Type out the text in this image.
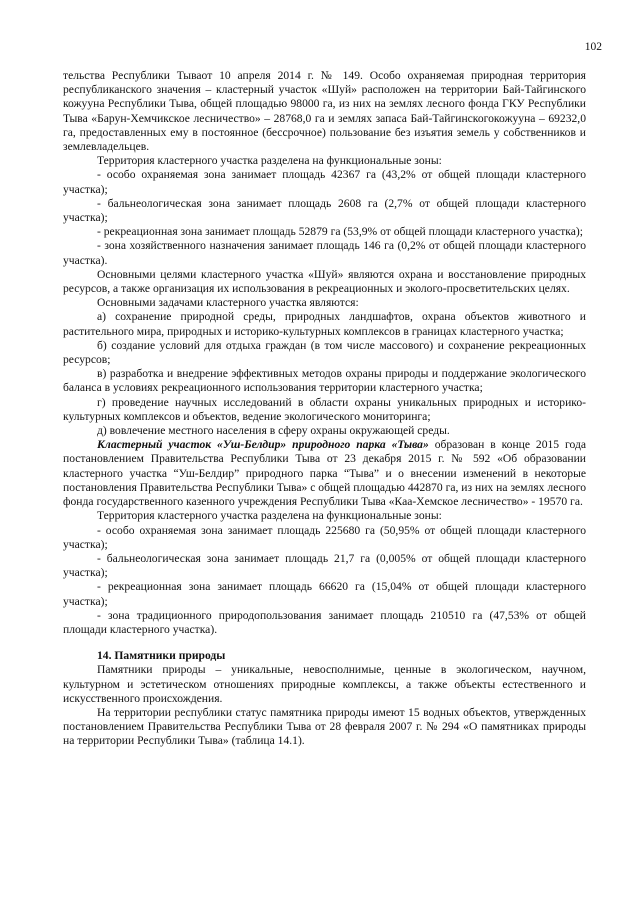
102

тельства Республики Тываот 10 апреля 2014 г. № 149. Особо охраняемая природная территория республиканского значения – кластерный участок «Шуй» расположен на территории Бай-Тайгинского кожууна Республики Тыва, общей площадью 98000 га, из них на землях лесного фонда ГКУ Республики Тыва «Барун-Хемчикское лесничество» – 28768,0 га и землях запаса Бай-Тайгинскогокожууна – 69232,0 га, предоставленных ему в постоянное (бессрочное) пользование без изъятия земель у собственников и землевладельцев.

Территория кластерного участка разделена на функциональные зоны:

- особо охраняемая зона занимает площадь 42367 га (43,2% от общей площади кластерного участка);

- бальнеологическая зона занимает площадь 2608 га (2,7% от общей площади кластерного участка);

- рекреационная зона занимает площадь 52879 га (53,9% от общей площади кластерного участка);

- зона хозяйственного назначения занимает площадь 146 га (0,2% от общей площади кластерного участка).

Основными целями кластерного участка «Шуй» являются охрана и восстановление природных ресурсов, а также организация их использования в рекреационных и эколого-просветительских целях.

Основными задачами кластерного участка являются:

а) сохранение природной среды, природных ландшафтов, охрана объектов животного и растительного мира, природных и историко-культурных комплексов в границах кластерного участка;

б) создание условий для отдыха граждан (в том числе массового) и сохранение рекреационных ресурсов;

в) разработка и внедрение эффективных методов охраны природы и поддержание экологического баланса в условиях рекреационного использования территории кластерного участка;

г) проведение научных исследований в области охраны уникальных природных и историко-культурных комплексов и объектов, ведение экологического мониторинга;

д) вовлечение местного населения в сферу охраны окружающей среды.

Кластерный участок «Уш-Белдир» природного парка «Тыва» образован в конце 2015 года постановлением Правительства Республики Тыва от 23 декабря 2015 г. № 592 «Об образовании кластерного участка “Уш-Белдир” природного парка “Тыва” и о внесении изменений в некоторые постановления Правительства Республики Тыва» с общей площадью 442870 га, из них на землях лесного фонда государственного казенного учреждения Республики Тыва «Каа-Хемское лесничество» - 19570 га.

Территория кластерного участка разделена на функциональные зоны:

- особо охраняемая зона занимает площадь 225680 га (50,95% от общей площади кластерного участка);

- бальнеологическая зона занимает площадь 21,7 га (0,005% от общей площади кластерного участка);

- рекреационная зона занимает площадь 66620 га (15,04% от общей площади кластерного участка);

- зона традиционного природопользования занимает площадь 210510 га (47,53% от общей площади кластерного участка).

14. Памятники природы

Памятники природы – уникальные, невосполнимые, ценные в экологическом, научном, культурном и эстетическом отношениях природные комплексы, а также объекты естественного и искусственного происхождения.

На территории республики статус памятника природы имеют 15 водных объектов, утвержденных постановлением Правительства Республики Тыва от 28 февраля 2007 г. № 294 «О памятниках природы на территории Республики Тыва» (таблица 14.1).
